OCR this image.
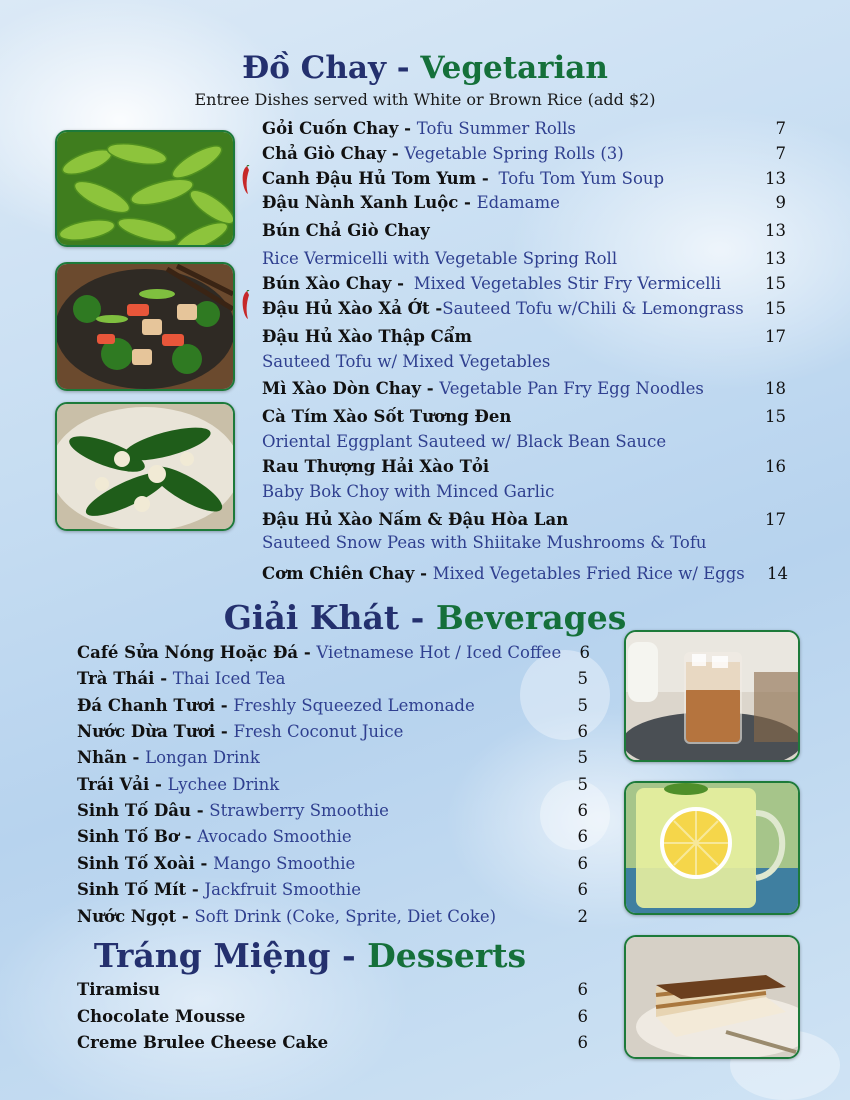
Đồ Chay - Vegetarian
Entree Dishes served with White or Brown Rice (add $2)
Gỏi Cuốn Chay - Tofu Summer Rolls	7
Chả Giò Chay - Vegetable Spring Rolls (3)	7
Canh Đậu Hủ Tom Yum - Tofu Tom Yum Soup	13
Đậu Nành Xanh Luộc - Edamame	9
Bún Chả Giò Chay	13
Rice Vermicelli with Vegetable Spring Roll	13
Bún Xào Chay - Mixed Vegetables Stir Fry Vermicelli	15
Đậu Hủ Xào Xả Ớt -Sauteed Tofu w/Chili & Lemongrass	15
Đậu Hủ Xào Thập Cẩm	17
Sauteed Tofu w/ Mixed Vegetables
Mì Xào Dòn Chay - Vegetable Pan Fry Egg Noodles	18
Cà Tím Xào Sốt Tương Đen	15
Oriental Eggplant Sauteed w/ Black Bean Sauce
Rau Thượng Hải Xào Tỏi	16
Baby Bok Choy with Minced Garlic
Đậu Hủ Xào Nấm & Đậu Hòa Lan	17
Sauteed Snow Peas with Shiitake Mushrooms & Tofu
Cơm Chiên Chay - Mixed Vegetables Fried Rice w/ Eggs	14
Giải Khát - Beverages
Café Sửa Nóng Hoặc Đá - Vietnamese Hot / Iced Coffee	6
Trà Thái - Thai Iced Tea	5
Đá Chanh Tươi - Freshly Squeezed Lemonade	5
Nước Dừa Tươi - Fresh Coconut Juice	6
Nhãn - Longan Drink	5
Trái Vải - Lychee Drink	5
Sinh Tố Dâu - Strawberry Smoothie	6
Sinh Tố Bơ - Avocado Smoothie	6
Sinh Tố Xoài - Mango Smoothie	6
Sinh Tố Mít - Jackfruit Smoothie	6
Nước Ngọt - Soft Drink (Coke, Sprite, Diet Coke)	2
Tráng Miệng - Desserts
Tiramisu	6
Chocolate Mousse	6
Creme Brulee Cheese Cake	6
